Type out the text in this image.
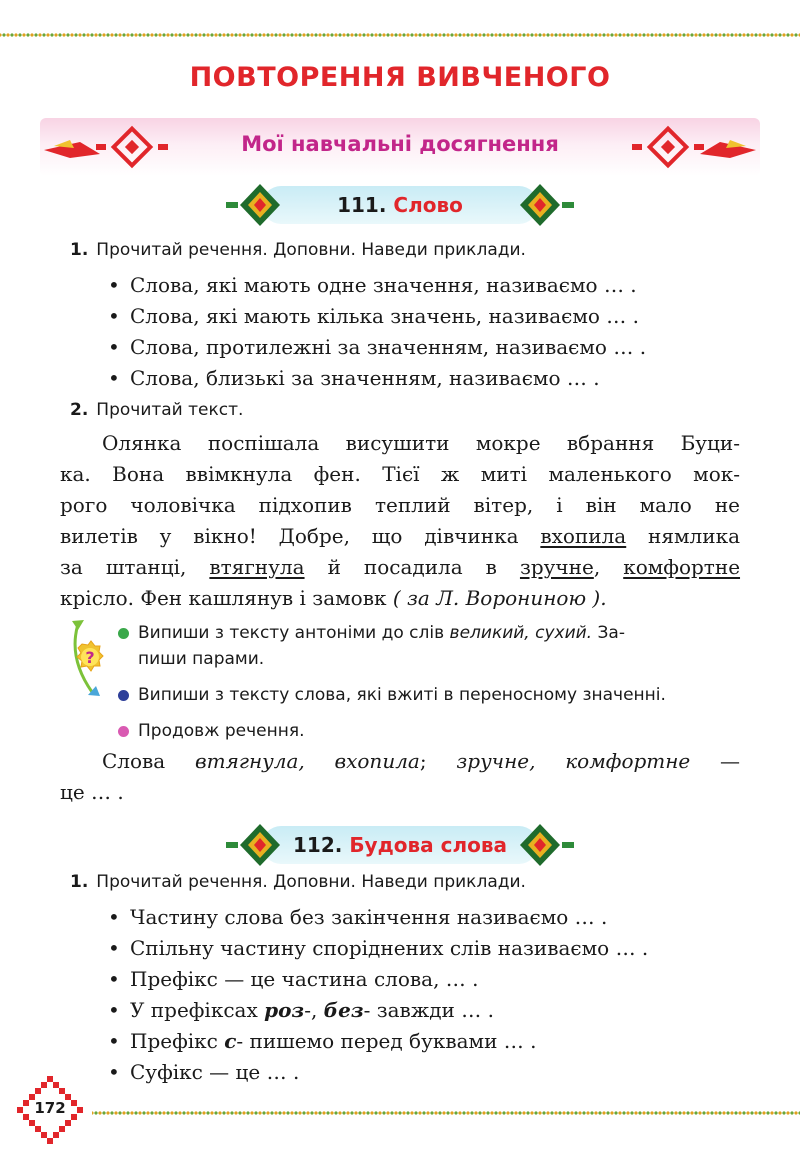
ПОВТОРЕННЯ ВИВЧЕНОГО
Мої навчальні досягнення
111. Слово
1. Прочитай речення. Доповни. Наведи приклади.
• Слова, які мають одне значення, називаємо … .
• Слова, які мають кілька значень, називаємо … .
• Слова, протилежні за значенням, називаємо … .
• Слова, близькі за значенням, називаємо … .
2. Прочитай текст.
Олянка поспішала висушити мокре вбрання Буци-
ка. Вона ввімкнула фен. Тієї ж миті маленького мок-
рого чоловічка підхопив теплий вітер, і він мало не
вилетів у вікно! Добре, що дівчинка вхопила нямлика
за штанці, втягнула й посадила в зручне, комфортне
крісло. Фен кашлянув і замовк ( за Л. Ворониною ).
?
Випиши з тексту антоніми до слів великий, сухий. За-
пиши парами.
Випиши з тексту слова, які вжиті в переносному значенні.
Продовж речення.
Слова втягнула, вхопила; зручне, комфортне —
це … .
112. Будова слова
1. Прочитай речення. Доповни. Наведи приклади.
• Частину слова без закінчення називаємо … .
• Спільну частину споріднених слів називаємо … .
• Префікс — це частина слова, … .
• У префіксах роз-, без- завжди … .
• Префікс с- пишемо перед буквами … .
• Суфікс — це … .
172
